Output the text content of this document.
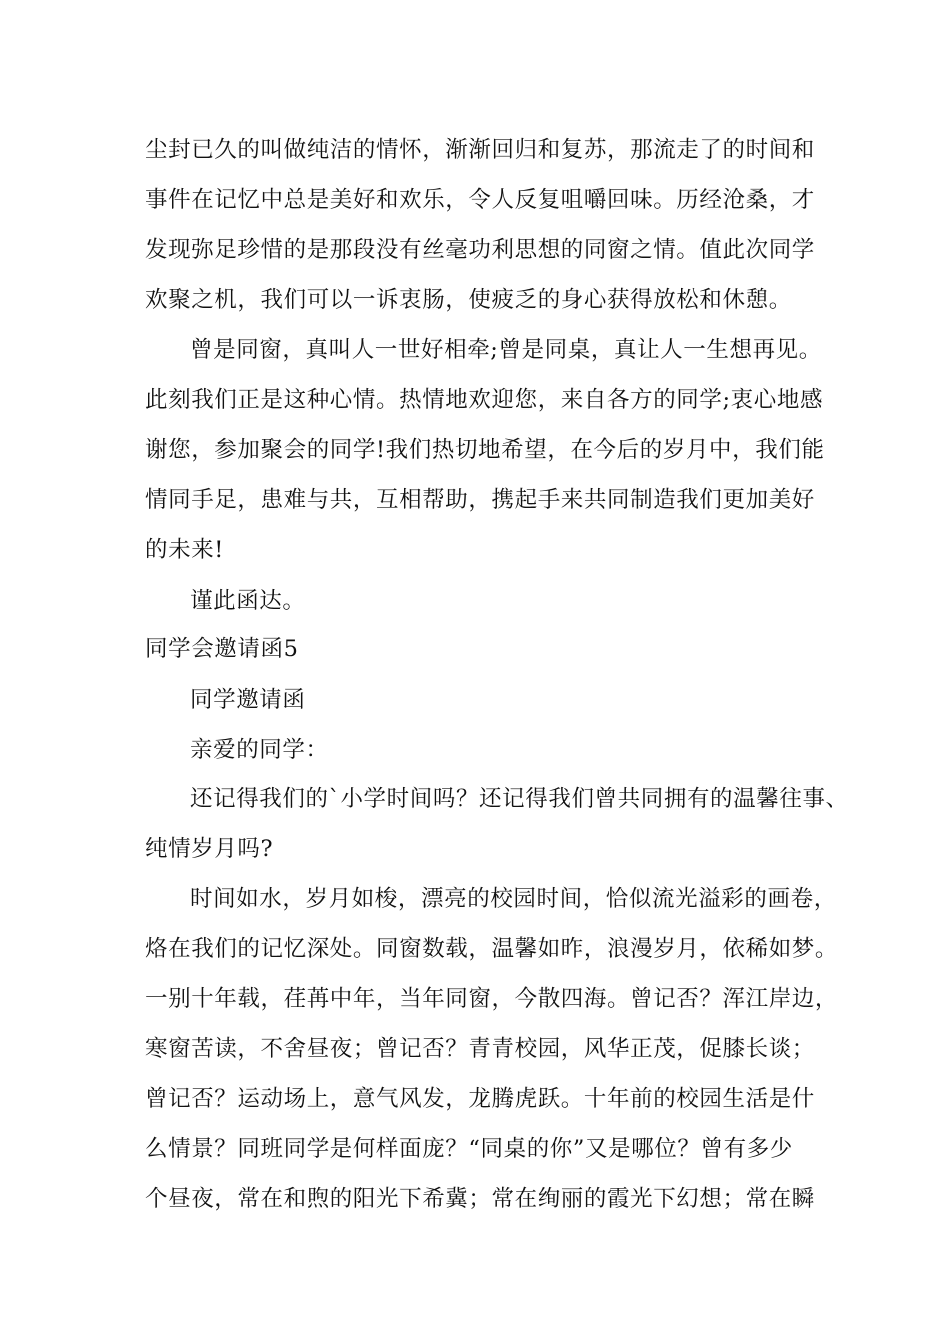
尘封已久的叫做纯洁的情怀，渐渐回归和复苏，那流走了的时间和
事件在记忆中总是美好和欢乐，令人反复咀嚼回味。历经沧桑，才
发现弥足珍惜的是那段没有丝毫功利思想的同窗之情。值此次同学
欢聚之机，我们可以一诉衷肠，使疲乏的身心获得放松和休憩。
曾是同窗，真叫人一世好相牵;曾是同桌，真让人一生想再见。
此刻我们正是这种心情。热情地欢迎您，来自各方的同学;衷心地感
谢您，参加聚会的同学!我们热切地希望，在今后的岁月中，我们能
情同手足，患难与共，互相帮助，携起手来共同制造我们更加美好
的未来!
谨此函达。
同学会邀请函5
同学邀请函
亲爱的同学：
还记得我们的`小学时间吗？还记得我们曾共同拥有的温馨往事、
纯情岁月吗?
时间如水，岁月如梭，漂亮的校园时间，恰似流光溢彩的画卷，
烙在我们的记忆深处。同窗数载，温馨如昨，浪漫岁月，依稀如梦。
一别十年载，荏苒中年，当年同窗，今散四海。曾记否？浑江岸边，
寒窗苦读，不舍昼夜；曾记否？青青校园，风华正茂，促膝长谈；
曾记否？运动场上，意气风发，龙腾虎跃。十年前的校园生活是什
么情景？同班同学是何样面庞？“同桌的你”又是哪位？曾有多少
个昼夜，常在和煦的阳光下希冀；常在绚丽的霞光下幻想；常在瞬
